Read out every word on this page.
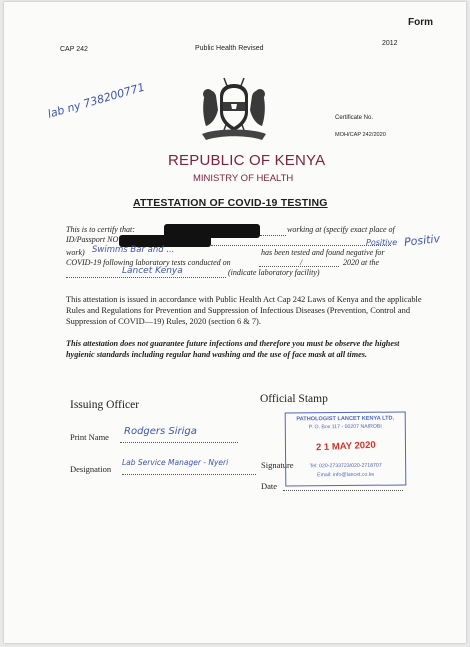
Form
CAP 242	Public Health Revised
2012
lab ny 738200771	Certificate No.
MOH/CAP 242/2020
REPUBLIC OF KENYA
MINISTRY OF HEALTH
ATTESTATION OF COVID-19 TESTING
This is to certify that:	working at (specify exact place of
ID/Passport NO
work) Swimms Bar and ...	has been tested and found negative for
Positive Positiv
COVID-19 following laboratory tests conducted on	/	2020 at the
Lancet Kenya	(indicate laboratory facility)
This attestation is issued in accordance with Public Health Act Cap 242 Laws of Kenya and the applicable Rules and Regulations for Prevention and Suppression of Infectious Diseases (Prevention, Control and Suppression of COVID—19) Rules, 2020 (section 6 & 7).
This attestation does not guarantee future infections and therefore you must be observe the highest hygienic standards including regular hand washing and the use of face mask at all times.
Issuing Officer	Official Stamp
Print Name Rodgers Siriga
Designation
Lab Service Manager - Nyeri	Signature
Date
PATHOLOGIST LANCET KENYA LTD.
P. O. Box 117 - 00207 NAIROBI
2 1 MAY 2020
Tel: 020-2733723/020-2718707
Email: info@lancet.co.ke
